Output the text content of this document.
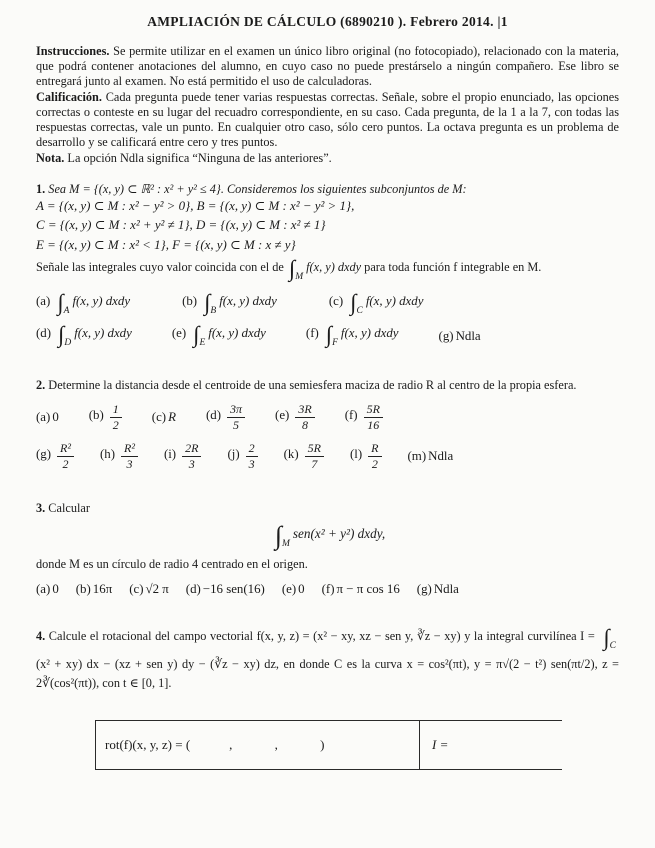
AMPLIACIÓN DE CÁLCULO (6890210 ). Febrero 2014. |1

Instrucciones. Se permite utilizar en el examen un único libro original (no fotocopiado), relacionado con la materia, que podrá contener anotaciones del alumno, en cuyo caso no puede prestárselo a ningún compañero. Ese libro se entregará junto al examen. No está permitido el uso de calculadoras.

Calificación. Cada pregunta puede tener varias respuestas correctas. Señale, sobre el propio enunciado, las opciones correctas o conteste en su lugar del recuadro correspondiente, en su caso. Cada pregunta, de la 1 a la 7, con todas las respuestas correctas, vale un punto. En cualquier otro caso, sólo cero puntos. La octava pregunta es un problema de desarrollo y se calificará entre cero y tres puntos.

Nota. La opción Ndla significa “Ninguna de las anteriores”.

1. Sea M = {(x, y) ⊂ ℝ² : x² + y² ≤ 4}. Consideremos los siguientes subconjuntos de M:

A = {(x, y) ⊂ M : x² − y² > 0}, B = {(x, y) ⊂ M : x² − y² > 1},

C = {(x, y) ⊂ M : x² + y² ≠ 1}, D = {(x, y) ⊂ M : x² ≠ 1}

E = {(x, y) ⊂ M : x² < 1}, F = {(x, y) ⊂ M : x ≠ y}

Señale las integrales cuyo valor coincida con el de $\int_Mf(x$, y) dxdy para toda función f integrable en M.

(a) $\int_Af(x$, y) dxdy	(b) $\int_Bf(x$, y) dxdy	(c) $\int_Cf(x$, y) dxdy
(d) $\int_Df(x$, y) dxdy	(e) $\int_Ef(x$, y) dxdy	(f) $\int_Ff(x$, y) dxdy	(g) Ndla

2. Determine la distancia desde el centroide de una semiesfera maciza de radio R al centro de la propia esfera.

(a) 0 $(b) \frac{1}{2} (c)$ R $(d) \frac{3\pi}{5} (e) \frac{3R}{8} (f) \frac{5R}{16}$
$(g) \frac{\text{R²}}{2} (h) \frac{\text{R²}}{3} (i) \frac{2R}{3} (j) \frac{2}{3} (k) \frac{5R}{7} (l) \frac{R}{2} (m)$ Ndla

3. Calcular

$\int_Msen(x^2 + y^2)$ dxdy,

donde M es un círculo de radio 4 centrado en el origen.

(a) 0 (b) 16π (c) √2 π (d) −16 sen(16) (e) 0 (f) π − π cos 16 (g) Ndla

4. Calcule el rotacional del campo vectorial f(x, y, z) = (x² − xy, xz − sen y, ∛z − xy) y la integral curvilínea $I = \int_C$ (x² + xy) dx − (xz + sen y) dy − (∛z − xy) dz, en donde C es la curva x = cos²(πt), y = π√(2 − t²) sen(πt/2), z = 2∛(cos²(πt)), con t ∈ [0, 1].

rot(f)(x, y, z) = (            ,             ,             )	I =
